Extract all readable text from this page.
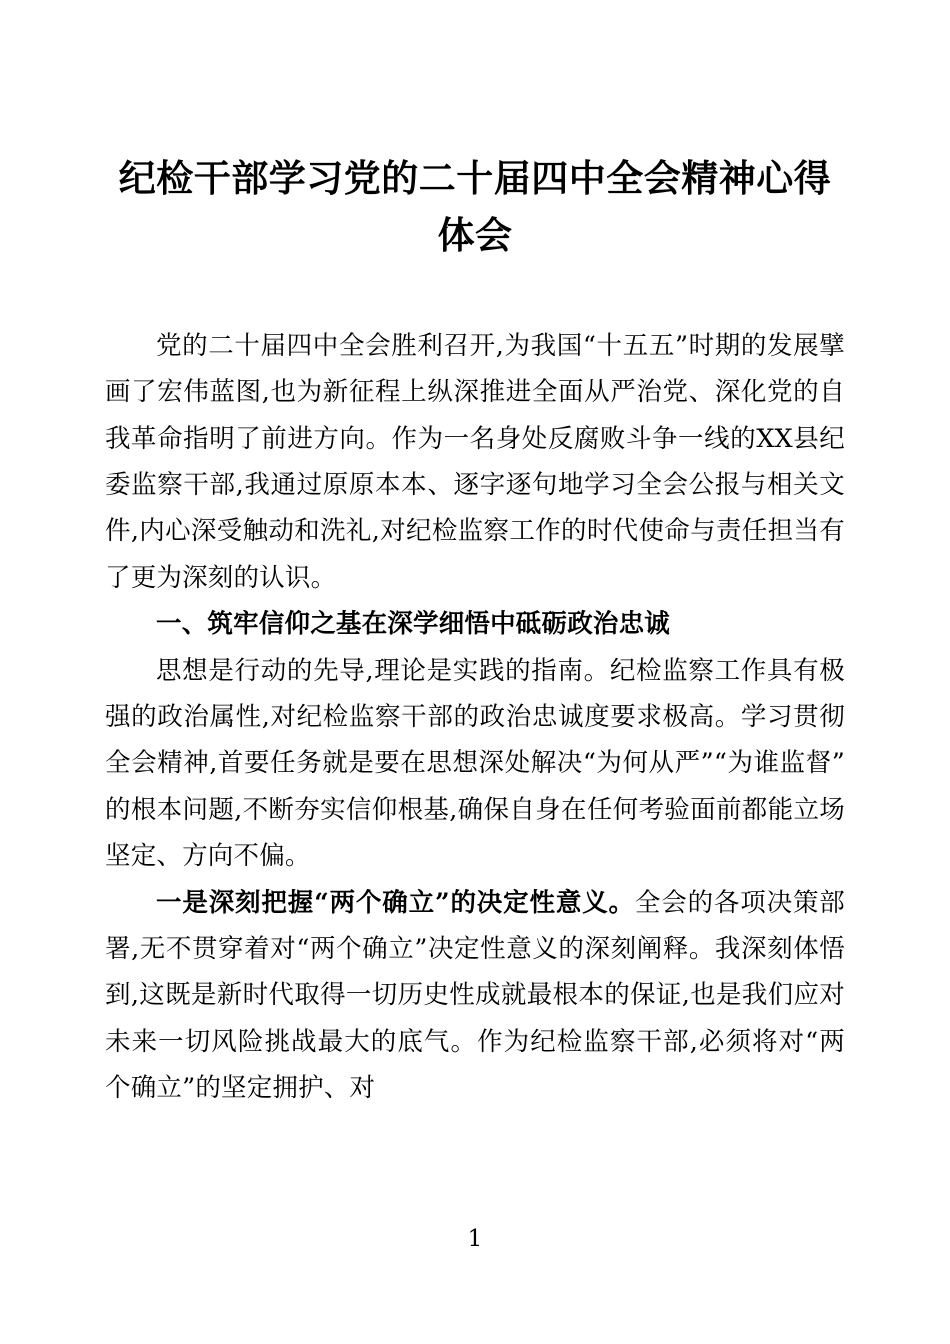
纪检干部学习党的二十届四中全会精神心得体会

党的二十届四中全会胜利召开,为我国“十五五”时期的发展擘画了宏伟蓝图,也为新征程上纵深推进全面从严治党、深化党的自我革命指明了前进方向。作为一名身处反腐败斗争一线的XX县纪委监察干部,我通过原原本本、逐字逐句地学习全会公报与相关文件,内心深受触动和洗礼,对纪检监察工作的时代使命与责任担当有了更为深刻的认识。

一、筑牢信仰之基在深学细悟中砥砺政治忠诚

思想是行动的先导,理论是实践的指南。纪检监察工作具有极强的政治属性,对纪检监察干部的政治忠诚度要求极高。学习贯彻全会精神,首要任务就是要在思想深处解决“为何从严”“为谁监督”的根本问题,不断夯实信仰根基,确保自身在任何考验面前都能立场坚定、方向不偏。

一是深刻把握“两个确立”的决定性意义。全会的各项决策部署,无不贯穿着对“两个确立”决定性意义的深刻阐释。我深刻体悟到,这既是新时代取得一切历史性成就最根本的保证,也是我们应对未来一切风险挑战最大的底气。作为纪检监察干部,必须将对“两个确立”的坚定拥护、对

1
